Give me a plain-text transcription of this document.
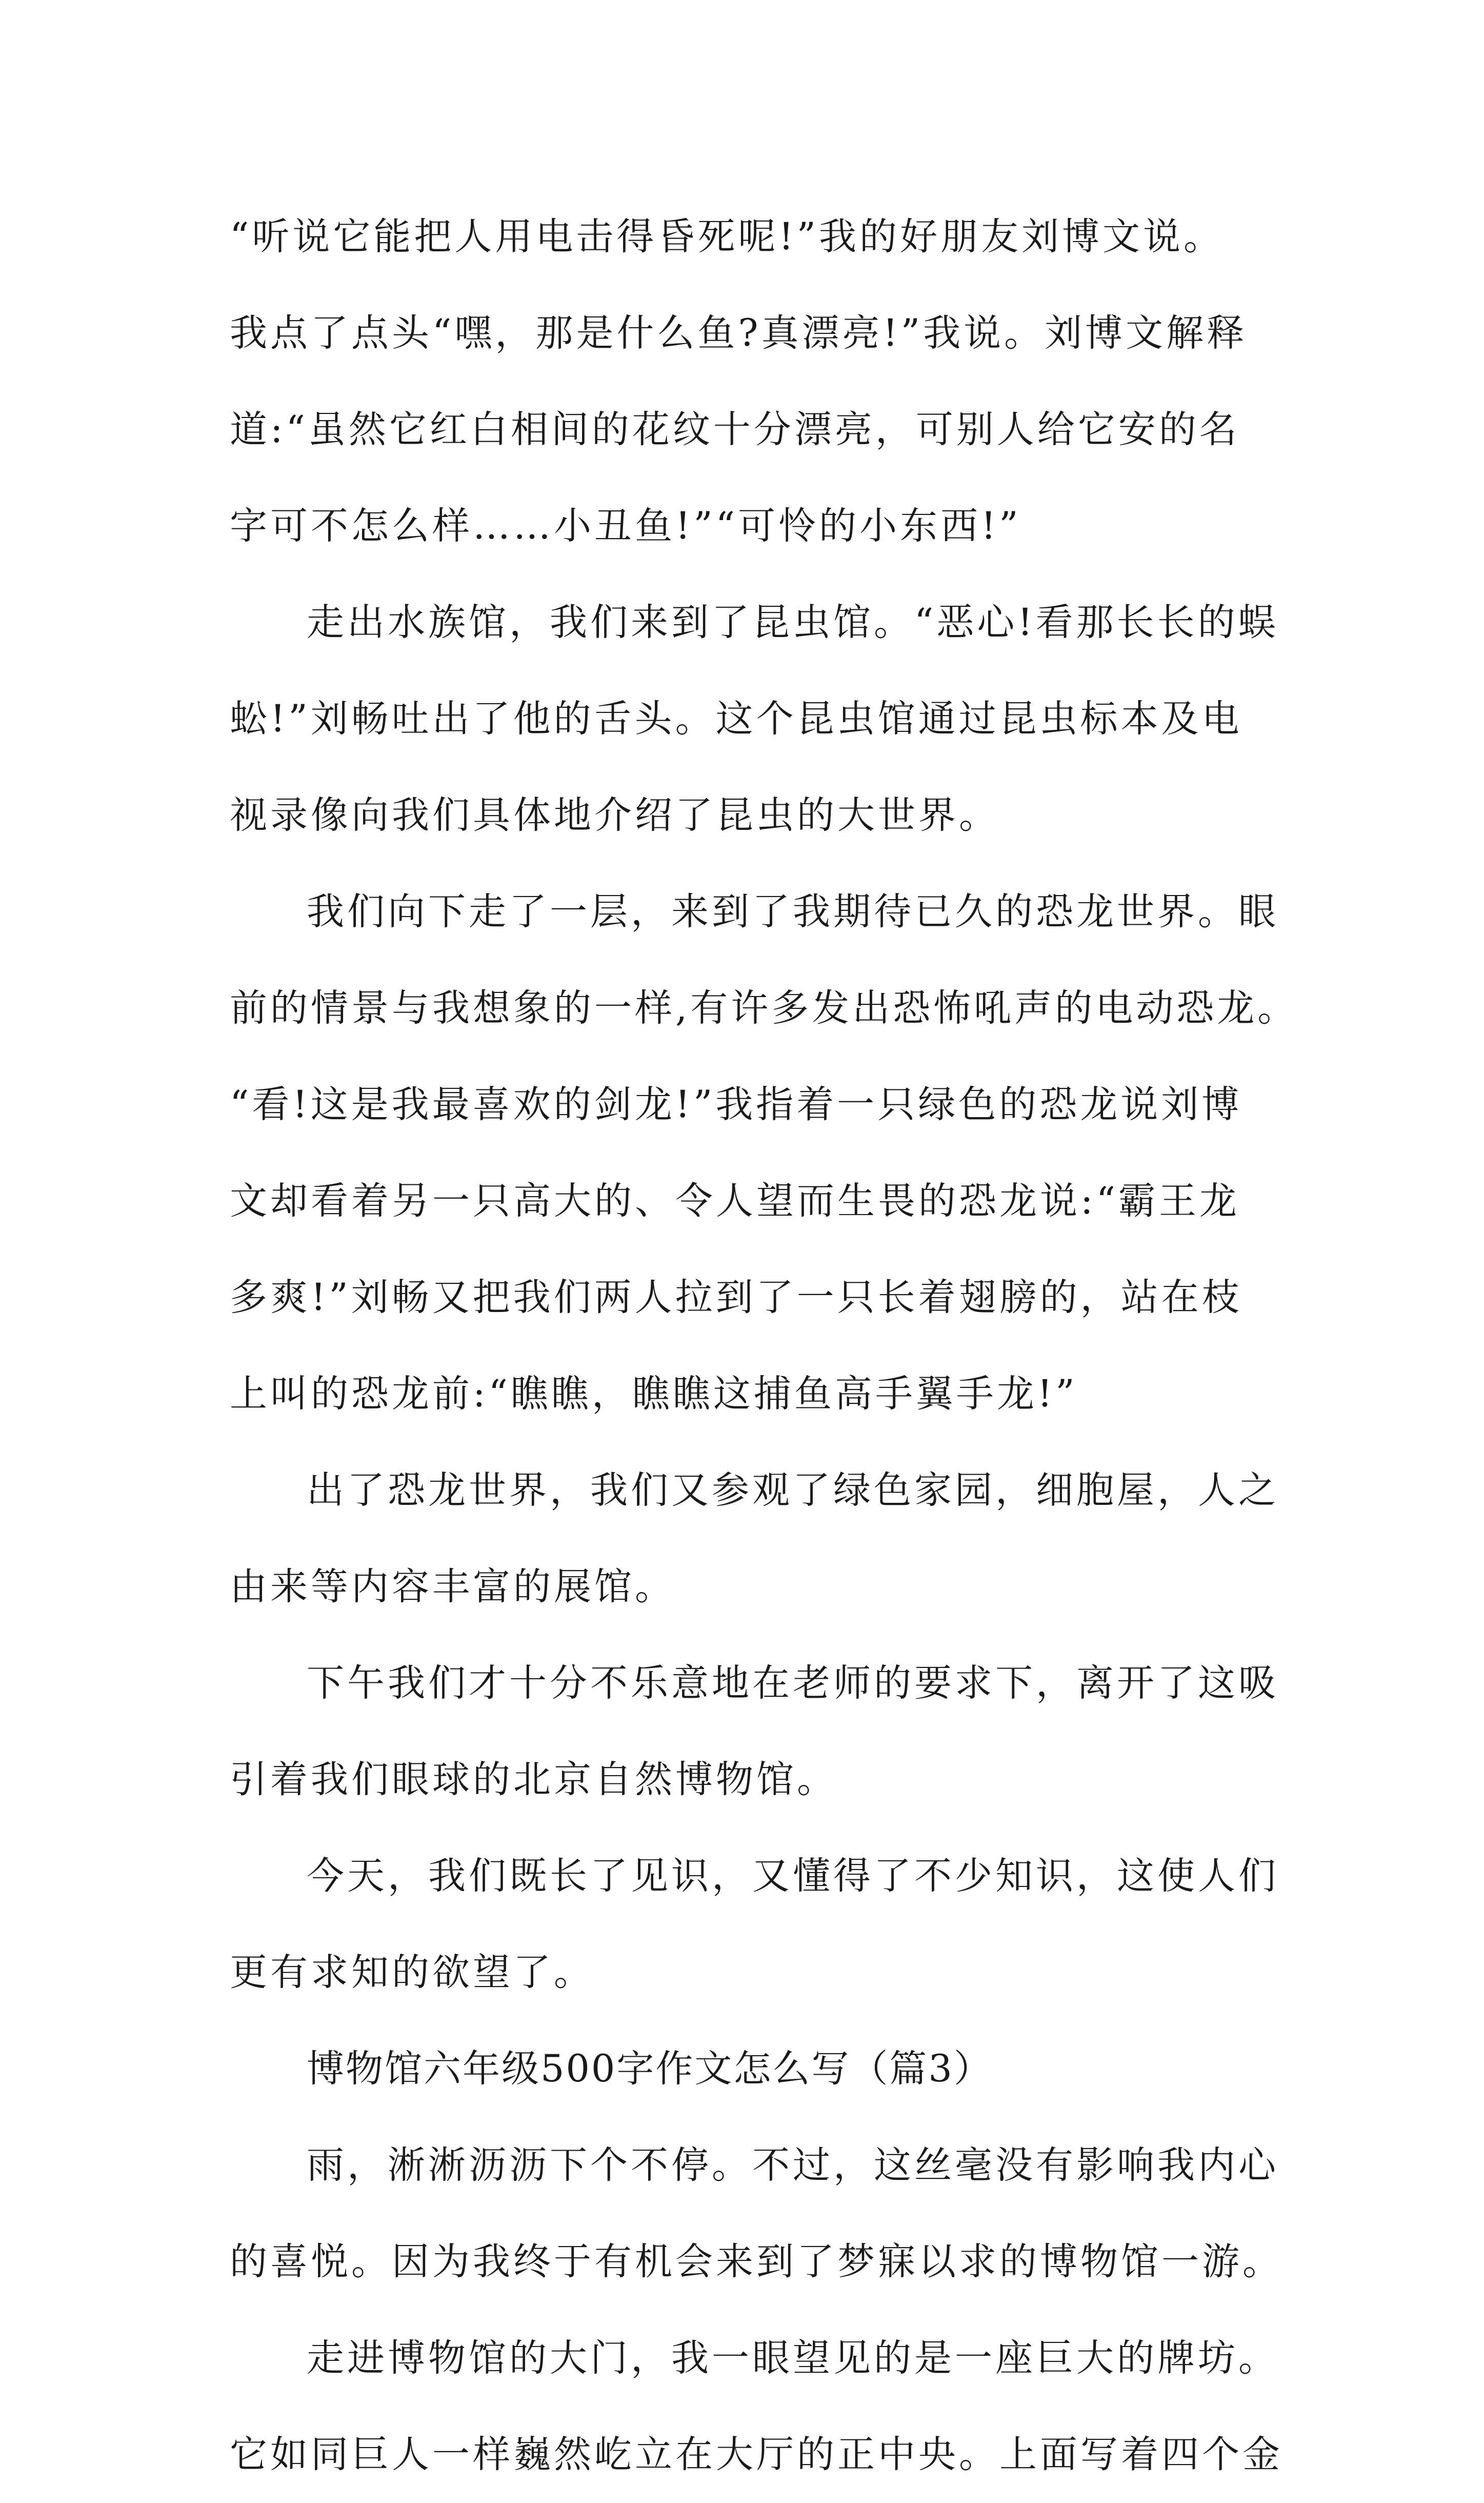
“听说它能把人用电击得昏死呢!”我的好朋友刘博文说。
我点了点头“嘿，那是什么鱼?真漂亮!”我说。刘博文解释
道:“虽然它红白相间的花纹十分漂亮，可别人给它安的名
字可不怎么样……小丑鱼!”“可怜的小东西!”
走出水族馆，我们来到了昆虫馆。“恶心!看那长长的蜈
蚣!”刘畅吐出了他的舌头。这个昆虫馆通过昆虫标本及电
视录像向我们具体地介绍了昆虫的大世界。
我们向下走了一层，来到了我期待已久的恐龙世界。眼
前的情景与我想象的一样,有许多发出恐怖吼声的电动恐龙。
“看!这是我最喜欢的剑龙!”我指着一只绿色的恐龙说刘博
文却看着另一只高大的、令人望而生畏的恐龙说:“霸王龙
多爽!”刘畅又把我们两人拉到了一只长着翅膀的，站在枝
上叫的恐龙前:“瞧瞧，瞧瞧这捕鱼高手翼手龙!”
出了恐龙世界，我们又参观了绿色家园，细胞屋，人之
由来等内容丰富的展馆。
下午我们才十分不乐意地在老师的要求下，离开了这吸
引着我们眼球的北京自然博物馆。
今天，我们既长了见识，又懂得了不少知识，这使人们
更有求知的欲望了。
博物馆六年级500字作文怎么写（篇3）
雨，淅淅沥沥下个不停。不过，这丝毫没有影响我内心
的喜悦。因为我终于有机会来到了梦寐以求的博物馆一游。
走进博物馆的大门，我一眼望见的是一座巨大的牌坊。
它如同巨人一样巍然屹立在大厅的正中央。上面写着四个金
